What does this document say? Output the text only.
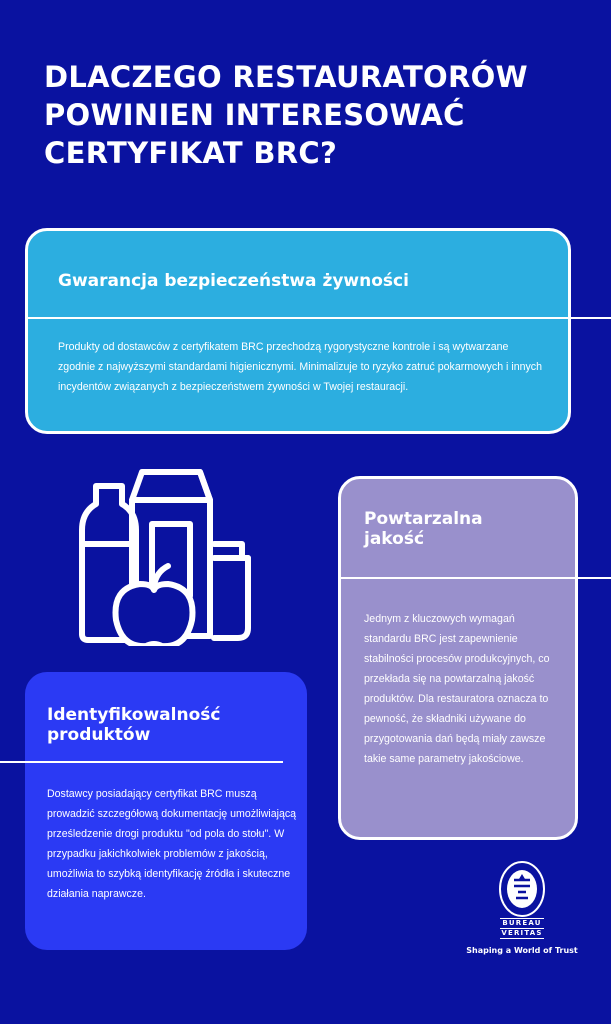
DLACZEGO RESTAURATORÓW
POWINIEN INTERESOWAĆ
CERTYFIKAT BRC?
Gwarancja bezpieczeństwa żywności
Produkty od dostawców z certyfikatem BRC przechodzą rygorystyczne kontrole i są wytwarzane zgodnie z najwyższymi standardami higienicznymi. Minimalizuje to ryzyko zatruć pokarmowych i innych incydentów związanych z bezpieczeństwem żywności w Twojej restauracji.
Powtarzalna jakość
Jednym z kluczowych wymagań standardu BRC jest zapewnienie stabilności procesów produkcyjnych, co przekłada się na powtarzalną jakość produktów. Dla restauratora oznacza to pewność, że składniki używane do przygotowania dań będą miały zawsze takie same parametry jakościowe.
Identyfikowalność produktów
Dostawcy posiadający certyfikat BRC muszą prowadzić szczegółową dokumentację umożliwiającą prześledzenie drogi produktu "od pola do stołu". W przypadku jakichkolwiek problemów z jakością, umożliwia to szybką identyfikację źródła i skuteczne działania naprawcze.
BUREAU
VERITAS
Shaping a World of Trust
